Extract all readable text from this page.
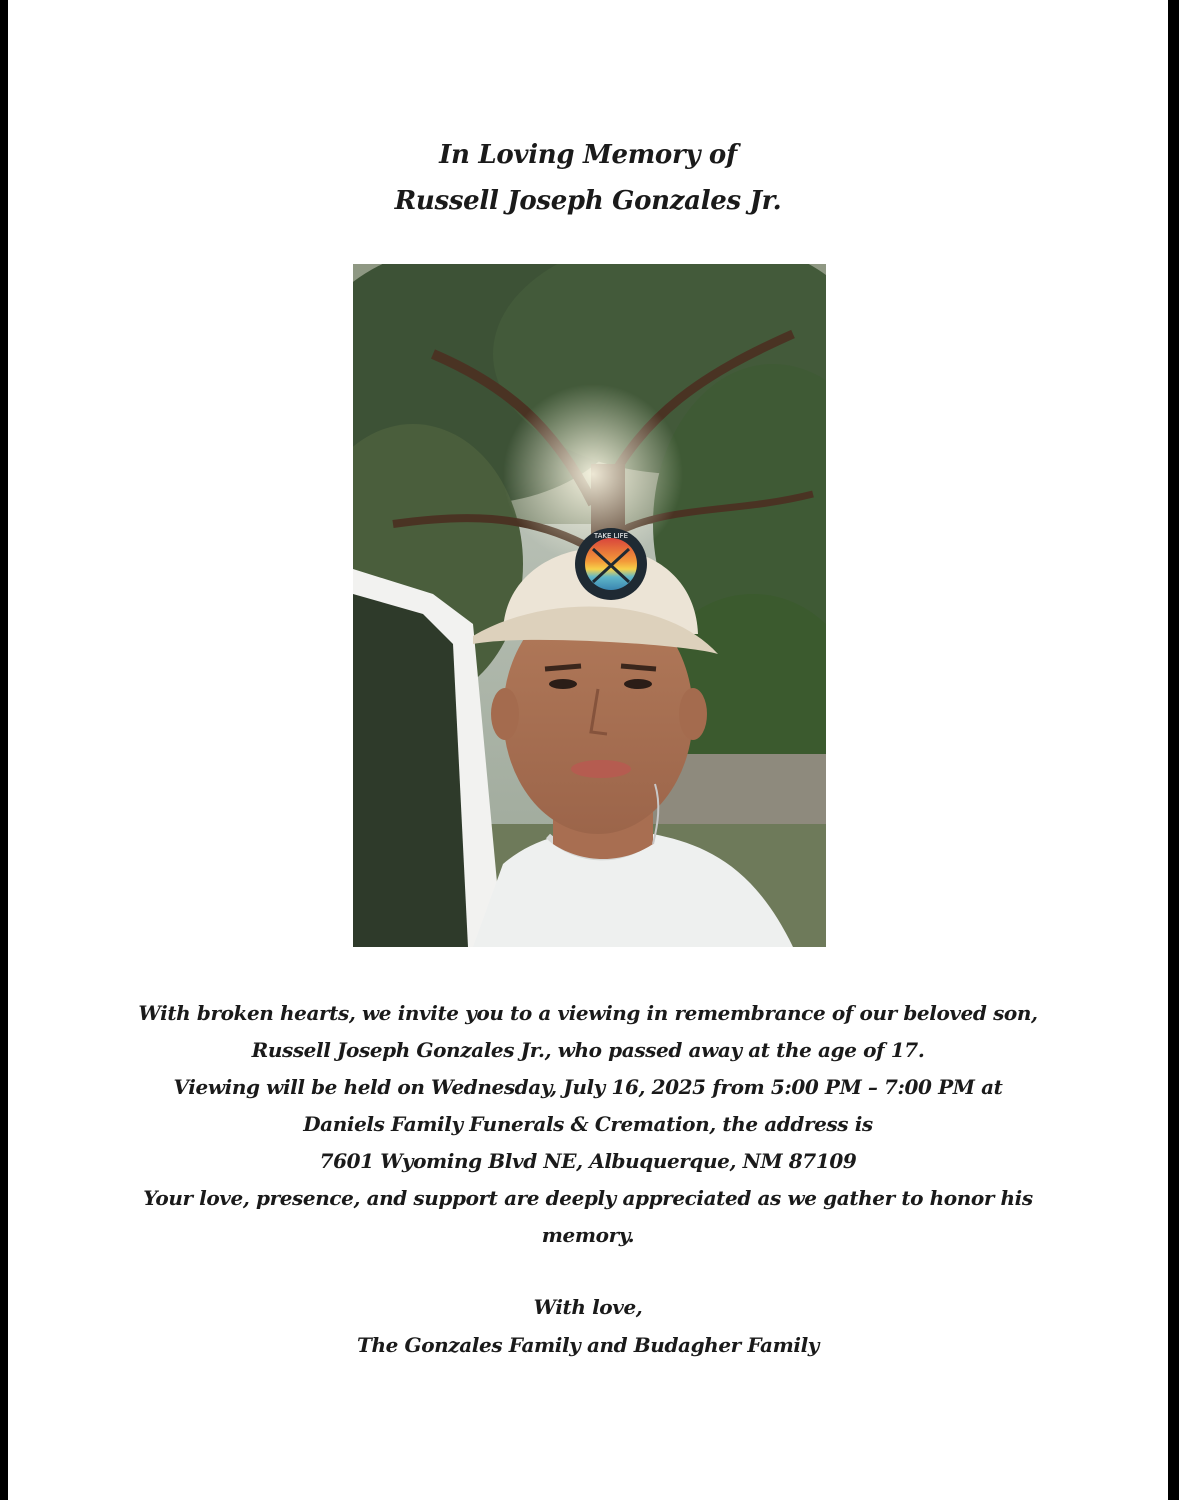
In Loving Memory of
Russell Joseph Gonzales Jr.
TAKE LIFE
With broken hearts, we invite you to a viewing in remembrance of our beloved son,
Russell Joseph Gonzales Jr., who passed away at the age of 17.
Viewing will be held on Wednesday, July 16, 2025 from 5:00 PM – 7:00 PM at
Daniels Family Funerals & Cremation, the address is
7601 Wyoming Blvd NE, Albuquerque, NM 87109
Your love, presence, and support are deeply appreciated as we gather to honor his
memory.
With love,
The Gonzales Family and Budagher Family
